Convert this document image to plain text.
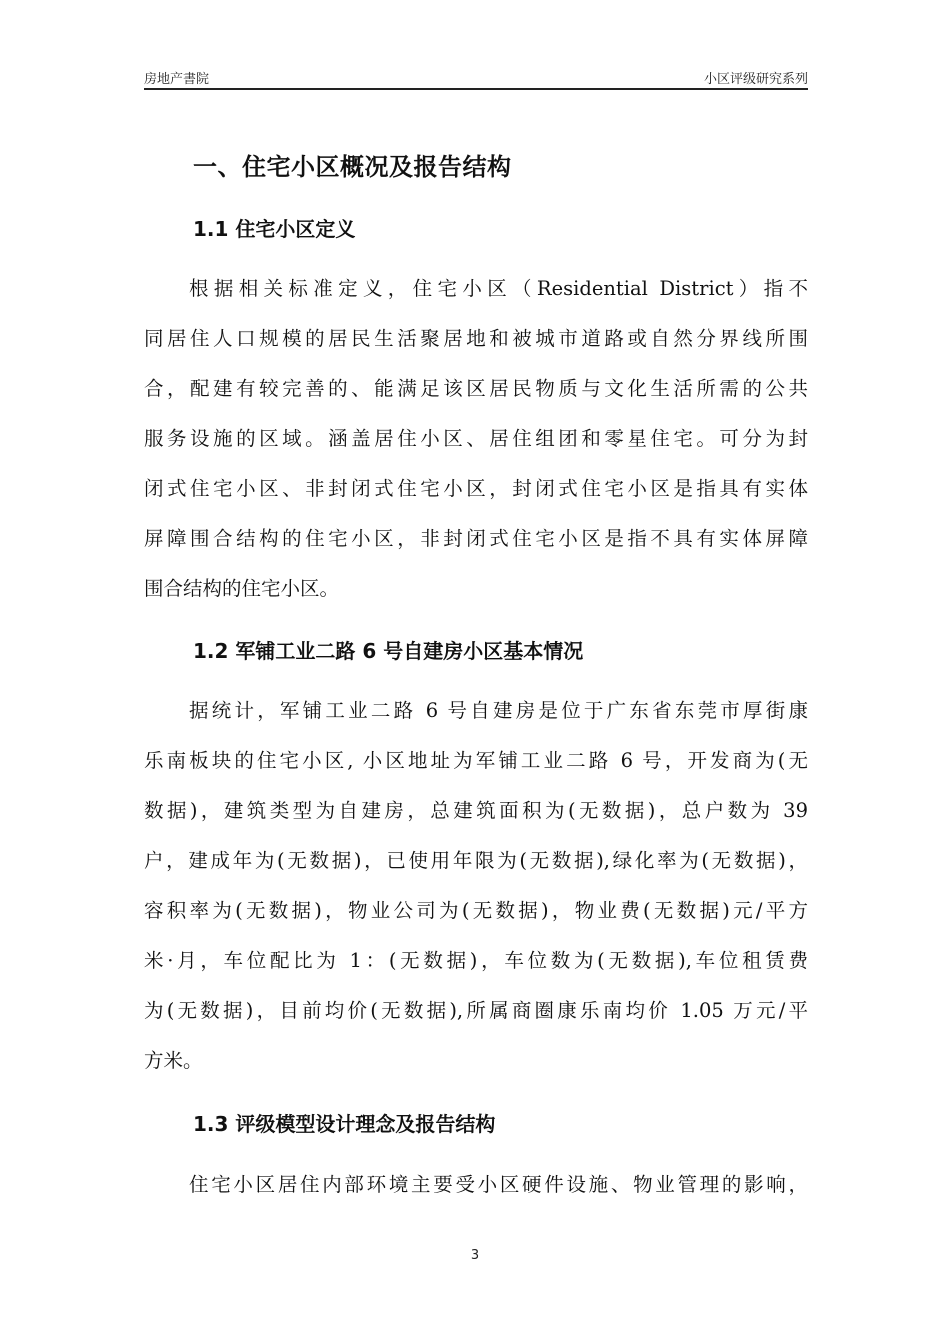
房地产書院	小区评级研究系列
一、住宅小区概况及报告结构
1.1 住宅小区定义
根据相关标准定义，住宅小区（Residential District）指不
同居住人口规模的居民生活聚居地和被城市道路或自然分界线所围
合，配建有较完善的、能满足该区居民物质与文化生活所需的公共
服务设施的区域。涵盖居住小区、居住组团和零星住宅。可分为封
闭式住宅小区、非封闭式住宅小区，封闭式住宅小区是指具有实体
屏障围合结构的住宅小区，非封闭式住宅小区是指不具有实体屏障
围合结构的住宅小区。
1.2 军铺工业二路 6 号自建房小区基本情况
据统计，军铺工业二路 6 号自建房是位于广东省东莞市厚街康
乐南板块的住宅小区, 小区地址为军铺工业二路 6 号，开发商为(无
数据)，建筑类型为自建房，总建筑面积为(无数据)，总户数为 39
户，建成年为(无数据)，已使用年限为(无数据),绿化率为(无数据)，
容积率为(无数据)，物业公司为(无数据)，物业费(无数据)元/平方
米·月，车位配比为 1：(无数据)，车位数为(无数据),车位租赁费
为(无数据)，目前均价(无数据),所属商圈康乐南均价 1.05 万元/平
方米。
1.3 评级模型设计理念及报告结构
住宅小区居住内部环境主要受小区硬件设施、物业管理的影响，
3
